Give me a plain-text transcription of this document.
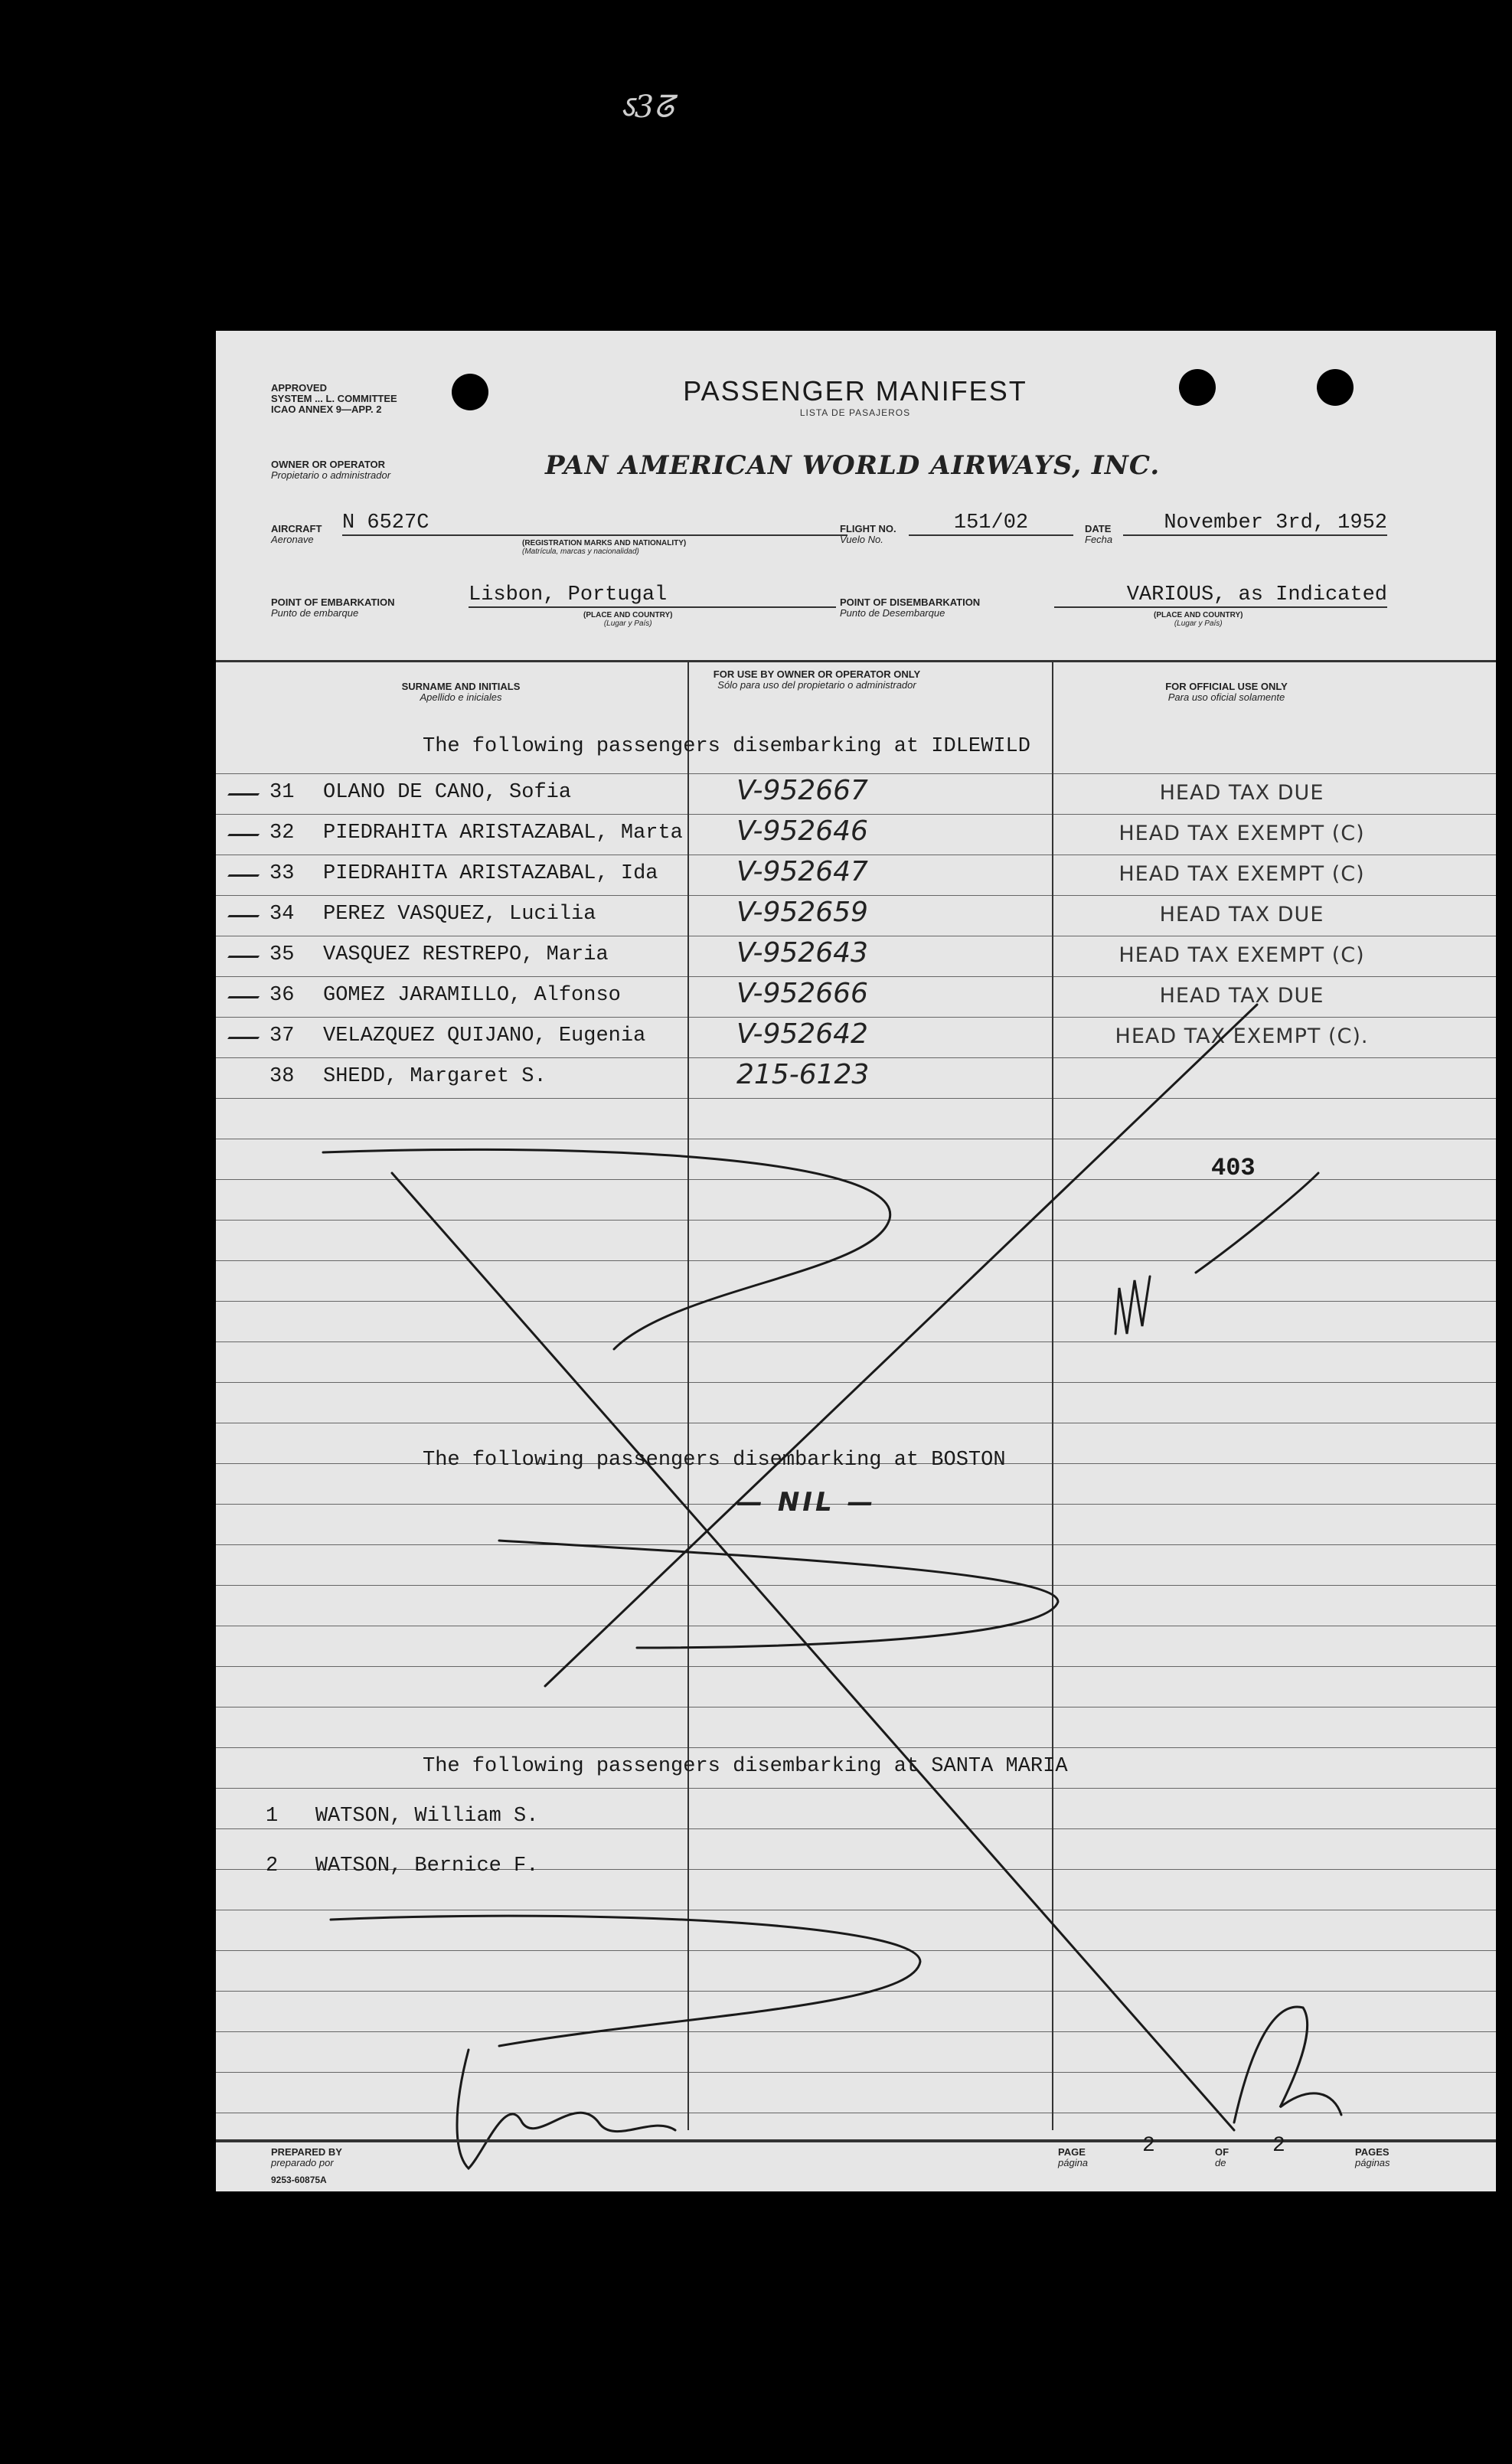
ऽ3ᘔ
APPROVED
SYSTEM ... L. COMMITTEE
ICAO ANNEX 9—APP. 2
PASSENGER MANIFEST
LISTA DE PASAJEROS
OWNER OR OPERATOR
Propietario o administrador	PAN AMERICAN WORLD AIRWAYS, INC.
AIRCRAFT
Aeronave
N 6527C
(REGISTRATION MARKS AND NATIONALITY)
(Matrícula, marcas y nacionalidad)
FLIGHT NO.
Vuelo No.
151/02	DATE
Fecha
November 3rd, 1952
POINT OF EMBARKATION
Punto de embarque
Lisbon, Portugal
(PLACE AND COUNTRY)
(Lugar y País)
POINT OF DISEMBARKATION
Punto de Desembarque
VARIOUS, as Indicated
(PLACE AND COUNTRY)
(Lugar y País)
SURNAME AND INITIALS
Apellido e iniciales
FOR USE BY OWNER OR OPERATOR ONLY
Sólo para uso del propietario o administrador	FOR OFFICIAL USE ONLY
Para uso oficial solamente
The following passengers disembarking at IDLEWILD
31 OLANO DE CANO, Sofia	V-952667	HEAD TAX DUE
32 PIEDRAHITA ARISTAZABAL, Marta	V-952646	HEAD TAX EXEMPT (C)
33 PIEDRAHITA ARISTAZABAL, Ida	V-952647	HEAD TAX EXEMPT (C)
34 PEREZ VASQUEZ, Lucilia	V-952659	HEAD TAX DUE
35 VASQUEZ RESTREPO, Maria	V-952643	HEAD TAX EXEMPT (C)
36 GOMEZ JARAMILLO, Alfonso	V-952666	HEAD TAX DUE
37 VELAZQUEZ QUIJANO, Eugenia	V-952642	HEAD TAX EXEMPT (C).
38 SHEDD, Margaret S.	215-6123
403
The following passengers disembarking at BOSTON
— NIL —
The following passengers disembarking at SANTA MARIA
1 WATSON, William S.
2 WATSON, Bernice F.
PREPARED BY
preparado por
9253-60875A
PAGE
página
2	OF
de
2	PAGES
páginas
